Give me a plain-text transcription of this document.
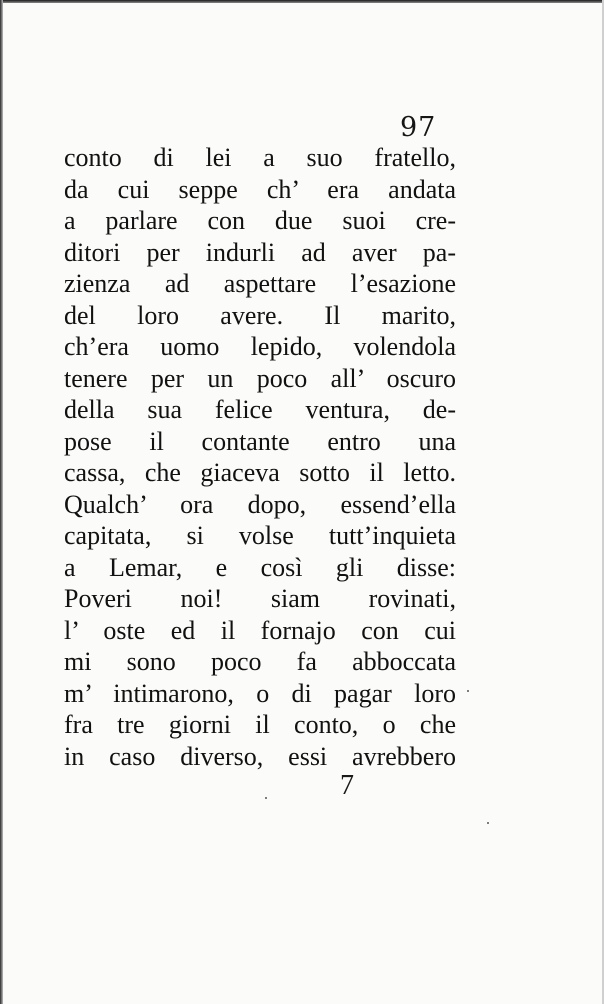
97
conto di lei a suo fratello,
da cui seppe ch’ era andata
a parlare con due suoi cre-
ditori per indurli ad aver pa-
zienza ad aspettare l’esazione
del loro avere. Il marito,
ch’era uomo lepido, volendola
tenere per un poco all’ oscuro
della sua felice ventura, de-
pose il contante entro una
cassa, che giaceva sotto il letto.
Qualch’ ora dopo, essend’ella
capitata, si volse tutt’inquieta
a Lemar, e così gli disse:
Poveri noi! siam rovinati,
l’ oste ed il fornajo con cui
mi sono poco fa abboccata
m’ intimarono, o di pagar loro
fra tre giorni il conto, o che
in caso diverso, essi avrebbero
7
